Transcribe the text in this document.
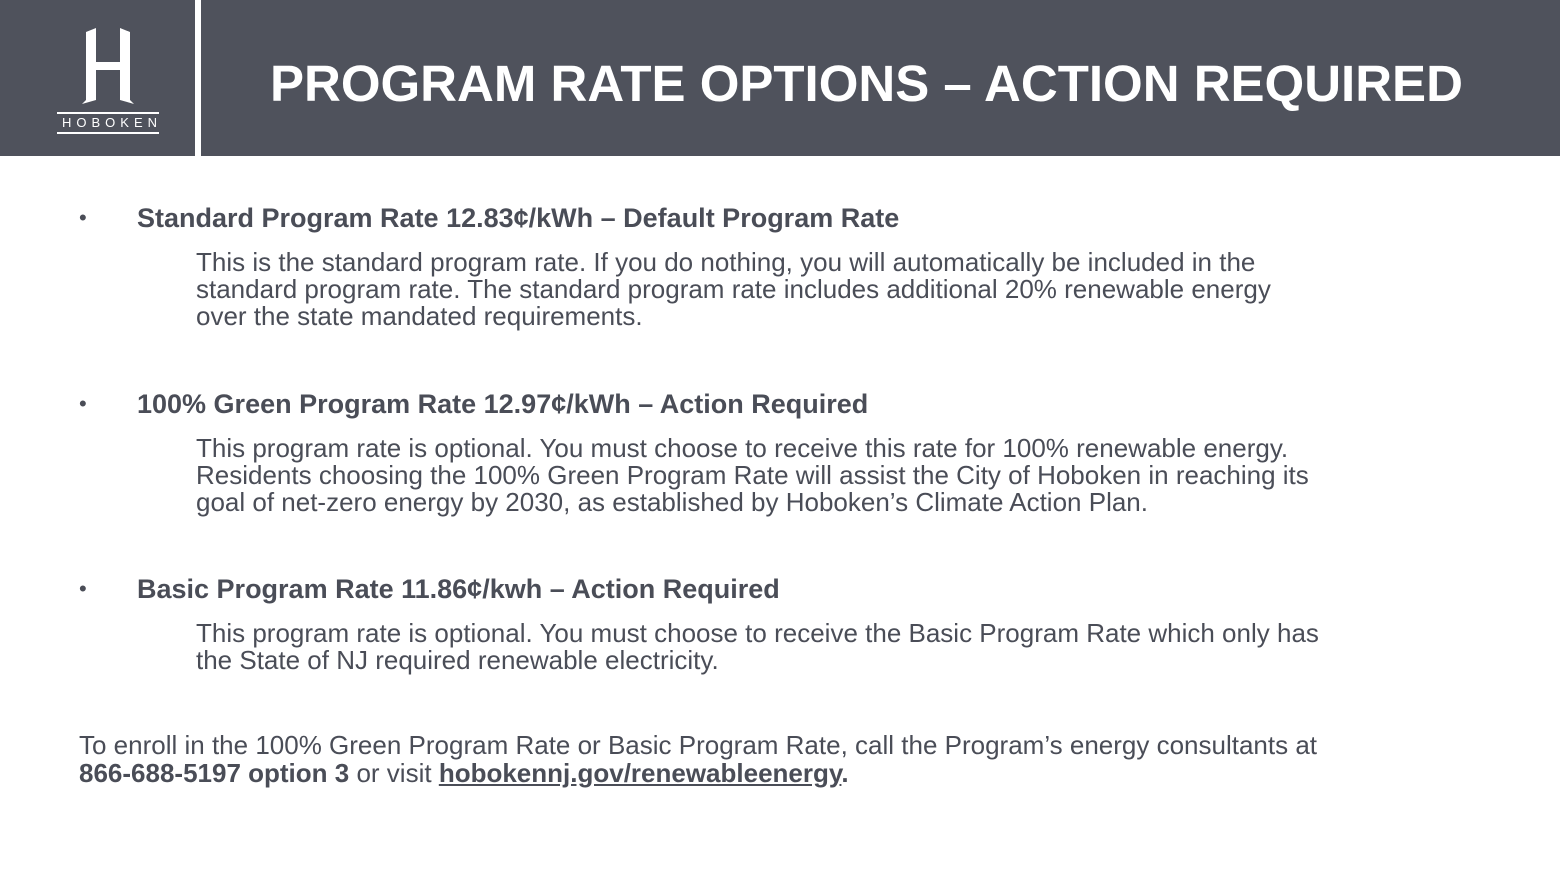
HOBOKEN
PROGRAM RATE OPTIONS – ACTION REQUIRED
• Standard Program Rate 12.83¢/kWh – Default Program Rate
This is the standard program rate. If you do nothing, you will automatically be included in the
standard program rate. The standard program rate includes additional 20% renewable energy
over the state mandated requirements.
• 100% Green Program Rate 12.97¢/kWh – Action Required
This program rate is optional. You must choose to receive this rate for 100% renewable energy.
Residents choosing the 100% Green Program Rate will assist the City of Hoboken in reaching its
goal of net-zero energy by 2030, as established by Hoboken’s Climate Action Plan.
• Basic Program Rate 11.86¢/kwh – Action Required
This program rate is optional. You must choose to receive the Basic Program Rate which only has
the State of NJ required renewable electricity.
To enroll in the 100% Green Program Rate or Basic Program Rate, call the Program’s energy consultants at
866-688-5197 option 3 or visit hobokennj.gov/renewableenergy.
